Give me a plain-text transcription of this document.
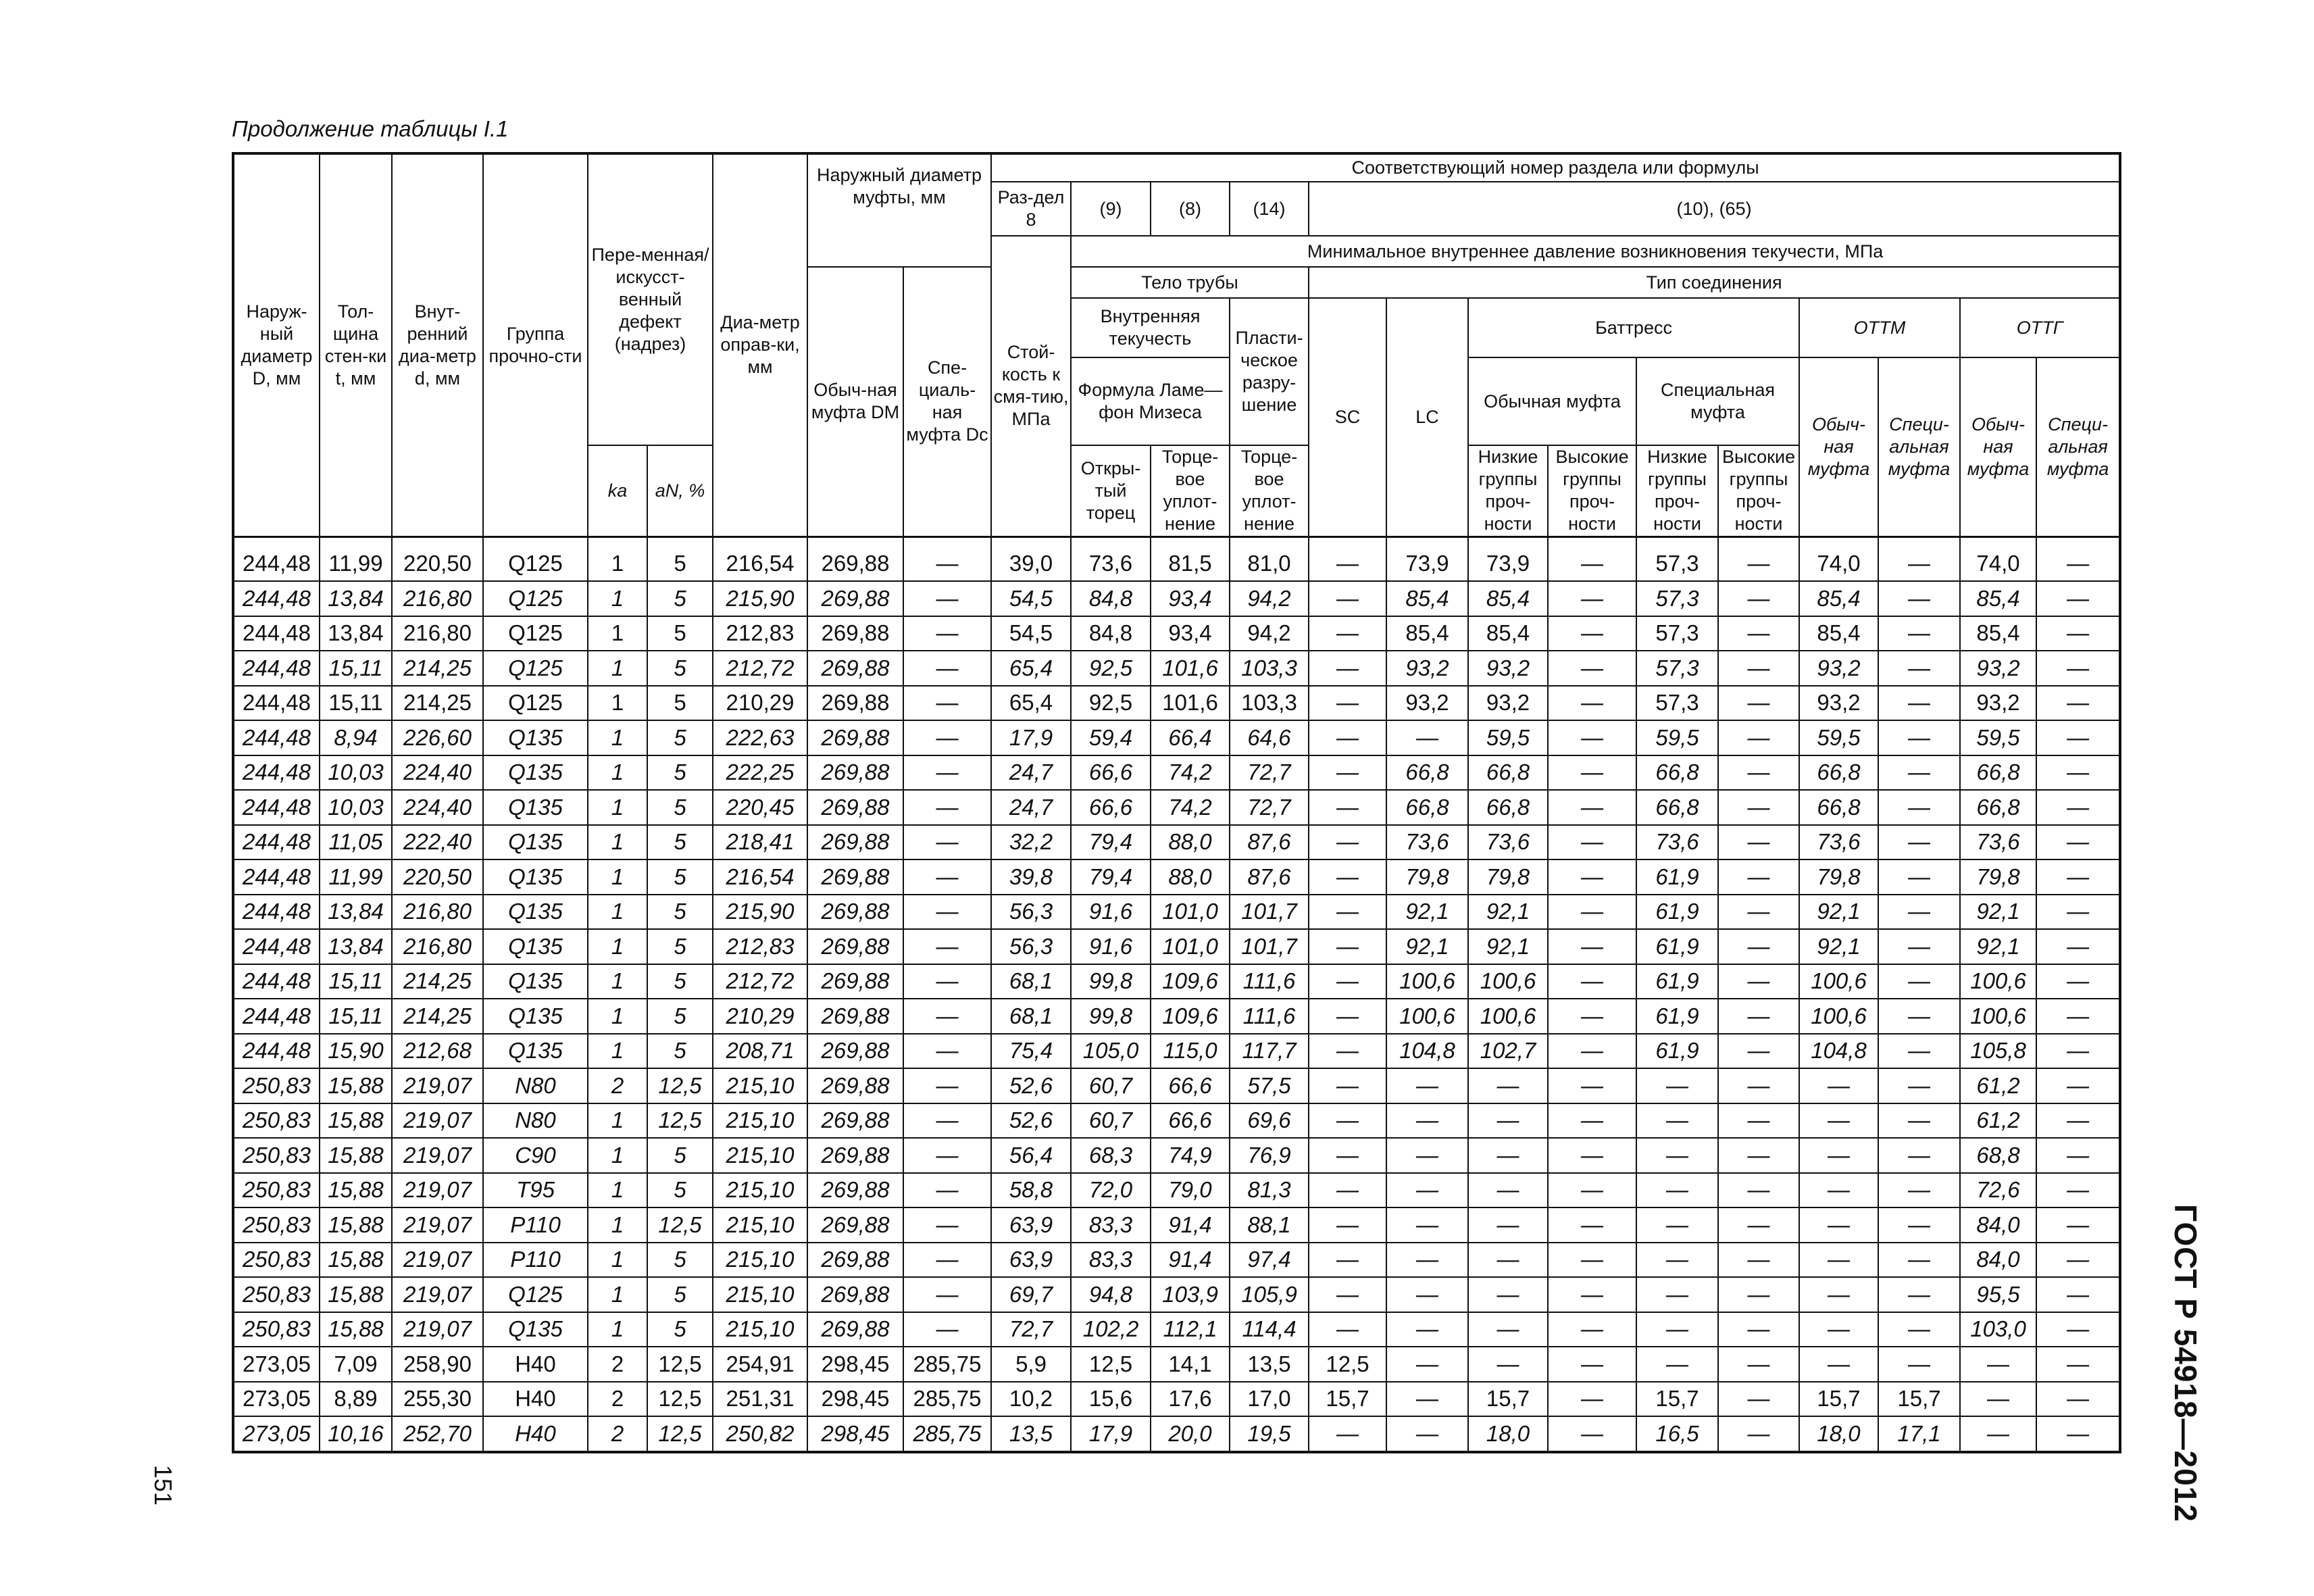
Продолжение таблицы I.1
151	ГОСТ Р 54918—2012
Наруж-ный диаметр D, мм	Тол-щина стен-ки t, мм	Внут-ренний диа-метр d, мм	Группа прочно-сти	Пере-менная/ искусст-венный дефект (надрез)		Диа-метр оправ-ки, мм	Наружный диаметр муфты, мм		Соответствующий номер раздела или формулы													
									Раз-дел 8	(9)	(8)	(14)	(10), (65)									
									Стой-кость к смя-тию, МПа	Минимальное внутреннее давление возникновения текучести, МПа												
							Обыч-ная муфта DМ	Спе-циаль-ная муфта Dс		Тело трубы			Тип соединения									
										Внутренняя текучесть		Пласти-ческое разру-шение	SC	LC	Баттресс				ОТТМ		ОТТГ	
										Формула Ламе—фон Мизеса					Обычная муфта		Специальная муфта		Обыч-ная муфта	Специ-альная муфта	Обыч-ная муфта	Специ-альная муфта
				ka	aN, %					Откры-тый торец	Торце-вое уплот-нение	Торце-вое уплот-нение			Низкие группы проч-ности	Высокие группы проч-ности	Низкие группы проч-ности	Высокие группы проч-ности				

244,48	11,99	220,50	Q125	1	5	216,54	269,88	—	39,0	73,6	81,5	81,0	—	73,9	73,9	—	57,3	—	74,0	—	74,0	—
244,48	13,84	216,80	Q125	1	5	215,90	269,88	—	54,5	84,8	93,4	94,2	—	85,4	85,4	—	57,3	—	85,4	—	85,4	—
244,48	13,84	216,80	Q125	1	5	212,83	269,88	—	54,5	84,8	93,4	94,2	—	85,4	85,4	—	57,3	—	85,4	—	85,4	—
244,48	15,11	214,25	Q125	1	5	212,72	269,88	—	65,4	92,5	101,6	103,3	—	93,2	93,2	—	57,3	—	93,2	—	93,2	—
244,48	15,11	214,25	Q125	1	5	210,29	269,88	—	65,4	92,5	101,6	103,3	—	93,2	93,2	—	57,3	—	93,2	—	93,2	—
244,48	8,94	226,60	Q135	1	5	222,63	269,88	—	17,9	59,4	66,4	64,6	—	—	59,5	—	59,5	—	59,5	—	59,5	—
244,48	10,03	224,40	Q135	1	5	222,25	269,88	—	24,7	66,6	74,2	72,7	—	66,8	66,8	—	66,8	—	66,8	—	66,8	—
244,48	10,03	224,40	Q135	1	5	220,45	269,88	—	24,7	66,6	74,2	72,7	—	66,8	66,8	—	66,8	—	66,8	—	66,8	—
244,48	11,05	222,40	Q135	1	5	218,41	269,88	—	32,2	79,4	88,0	87,6	—	73,6	73,6	—	73,6	—	73,6	—	73,6	—
244,48	11,99	220,50	Q135	1	5	216,54	269,88	—	39,8	79,4	88,0	87,6	—	79,8	79,8	—	61,9	—	79,8	—	79,8	—
244,48	13,84	216,80	Q135	1	5	215,90	269,88	—	56,3	91,6	101,0	101,7	—	92,1	92,1	—	61,9	—	92,1	—	92,1	—
244,48	13,84	216,80	Q135	1	5	212,83	269,88	—	56,3	91,6	101,0	101,7	—	92,1	92,1	—	61,9	—	92,1	—	92,1	—
244,48	15,11	214,25	Q135	1	5	212,72	269,88	—	68,1	99,8	109,6	111,6	—	100,6	100,6	—	61,9	—	100,6	—	100,6	—
244,48	15,11	214,25	Q135	1	5	210,29	269,88	—	68,1	99,8	109,6	111,6	—	100,6	100,6	—	61,9	—	100,6	—	100,6	—
244,48	15,90	212,68	Q135	1	5	208,71	269,88	—	75,4	105,0	115,0	117,7	—	104,8	102,7	—	61,9	—	104,8	—	105,8	—
250,83	15,88	219,07	N80	2	12,5	215,10	269,88	—	52,6	60,7	66,6	57,5	—	—	—	—	—	—	—	—	61,2	—
250,83	15,88	219,07	N80	1	12,5	215,10	269,88	—	52,6	60,7	66,6	69,6	—	—	—	—	—	—	—	—	61,2	—
250,83	15,88	219,07	C90	1	5	215,10	269,88	—	56,4	68,3	74,9	76,9	—	—	—	—	—	—	—	—	68,8	—
250,83	15,88	219,07	T95	1	5	215,10	269,88	—	58,8	72,0	79,0	81,3	—	—	—	—	—	—	—	—	72,6	—
250,83	15,88	219,07	P110	1	12,5	215,10	269,88	—	63,9	83,3	91,4	88,1	—	—	—	—	—	—	—	—	84,0	—
250,83	15,88	219,07	P110	1	5	215,10	269,88	—	63,9	83,3	91,4	97,4	—	—	—	—	—	—	—	—	84,0	—
250,83	15,88	219,07	Q125	1	5	215,10	269,88	—	69,7	94,8	103,9	105,9	—	—	—	—	—	—	—	—	95,5	—
250,83	15,88	219,07	Q135	1	5	215,10	269,88	—	72,7	102,2	112,1	114,4	—	—	—	—	—	—	—	—	103,0	—
273,05	7,09	258,90	H40	2	12,5	254,91	298,45	285,75	5,9	12,5	14,1	13,5	12,5	—	—	—	—	—	—	—	—	—
273,05	8,89	255,30	H40	2	12,5	251,31	298,45	285,75	10,2	15,6	17,6	17,0	15,7	—	15,7	—	15,7	—	15,7	15,7	—	—
273,05	10,16	252,70	H40	2	12,5	250,82	298,45	285,75	13,5	17,9	20,0	19,5	—	—	18,0	—	16,5	—	18,0	17,1	—	—
